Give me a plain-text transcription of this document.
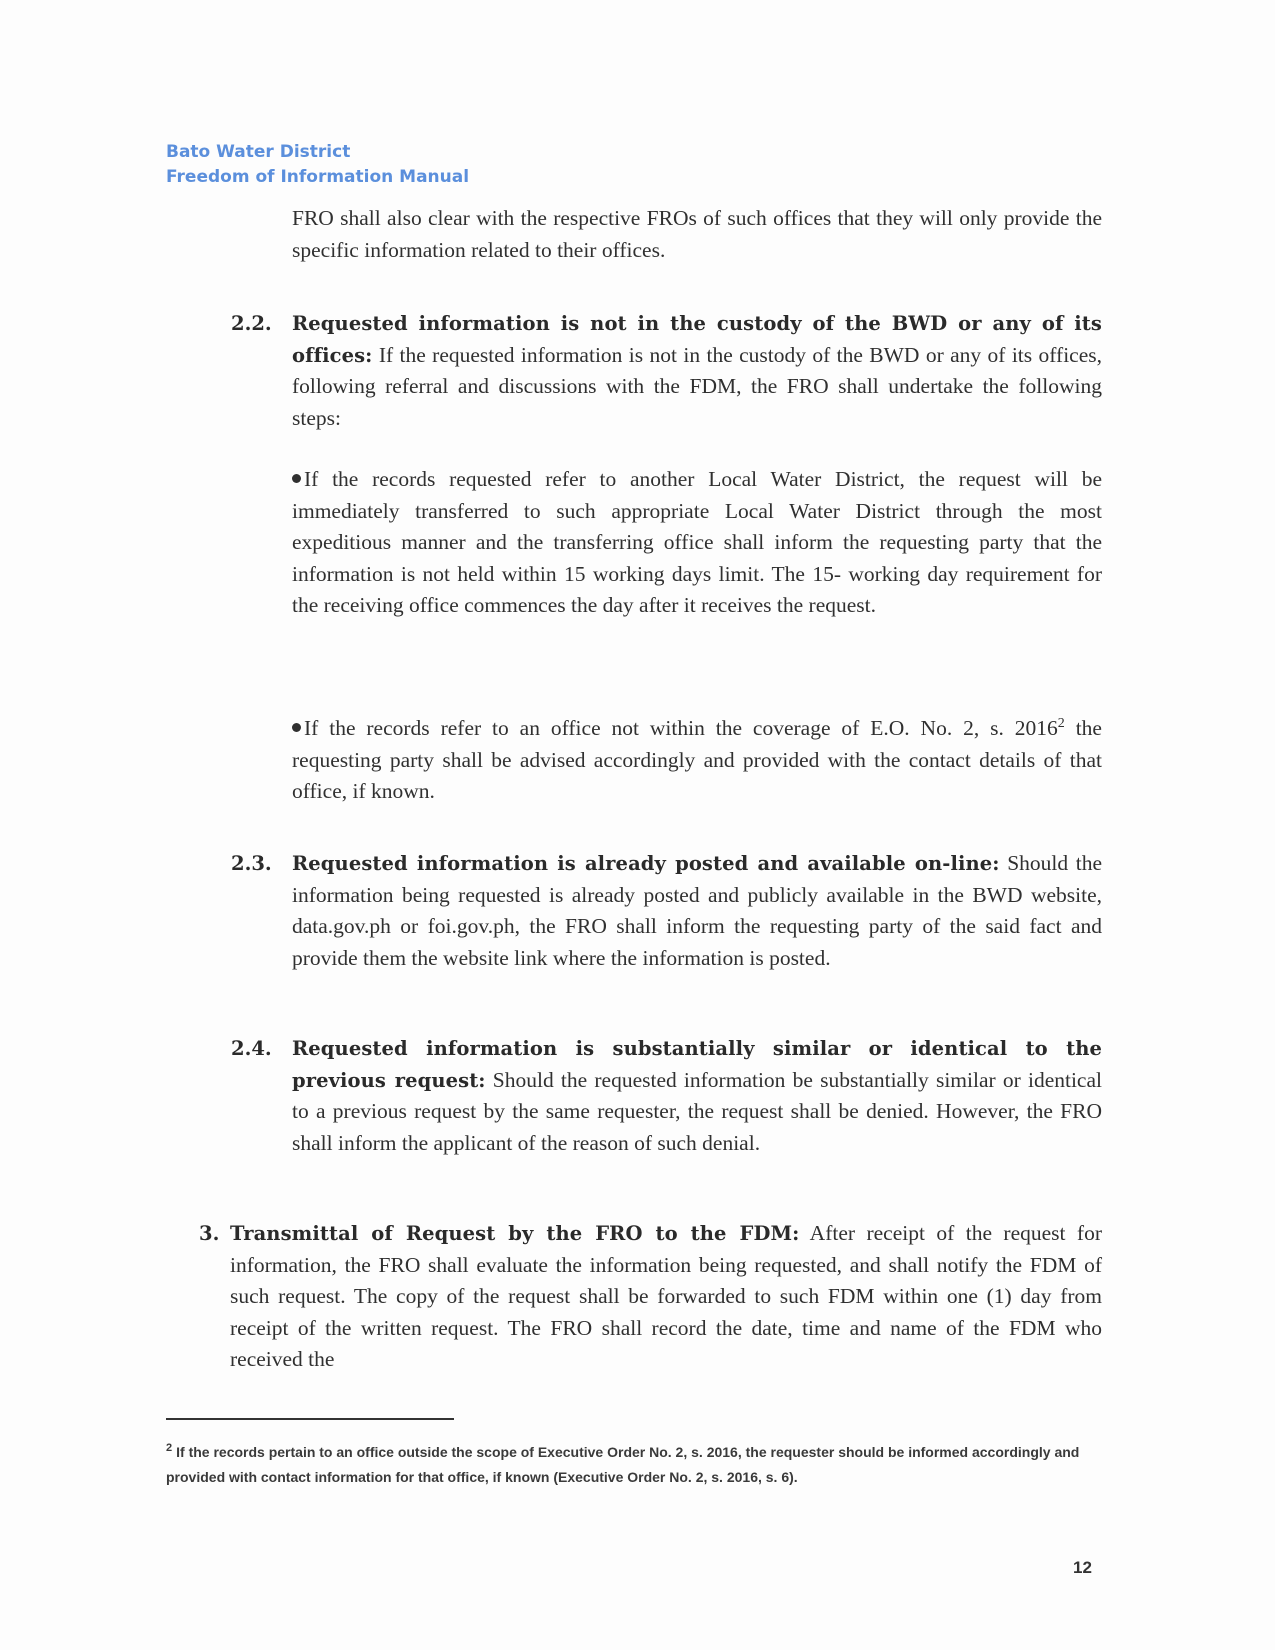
Bato Water District
Freedom of Information Manual

FRO shall also clear with the respective FROs of such offices that they will only provide the specific information related to their offices.

2.2. Requested information is not in the custody of the BWD or any of its offices: If the requested information is not in the custody of the BWD or any of its offices, following referral and discussions with the FDM, the FRO shall undertake the following steps:

If the records requested refer to another Local Water District, the request will be immediately transferred to such appropriate Local Water District through the most expeditious manner and the transferring office shall inform the requesting party that the information is not held within 15 working days limit. The 15- working day requirement for the receiving office commences the day after it receives the request.

If the records refer to an office not within the coverage of E.O. No. 2, s. 2016$^2$ the requesting party shall be advised accordingly and provided with the contact details of that office, if known.

2.3. Requested information is already posted and available on-line: Should the information being requested is already posted and publicly available in the BWD website, data.gov.ph or foi.gov.ph, the FRO shall inform the requesting party of the said fact and provide them the website link where the information is posted.

2.4. Requested information is substantially similar or identical to the previous request: Should the requested information be substantially similar or identical to a previous request by the same requester, the request shall be denied. However, the FRO shall inform the applicant of the reason of such denial.

3. Transmittal of Request by the FRO to the FDM: After receipt of the request for information, the FRO shall evaluate the information being requested, and shall notify the FDM of such request. The copy of the request shall be forwarded to such FDM within one (1) day from receipt of the written request. The FRO shall record the date, time and name of the FDM who received the

$^2$ If the records pertain to an office outside the scope of Executive Order No. 2, s. 2016, the requester should be informed accordingly and provided with contact information for that office, if known (Executive Order No. 2, s. 2016, s. 6).
12
